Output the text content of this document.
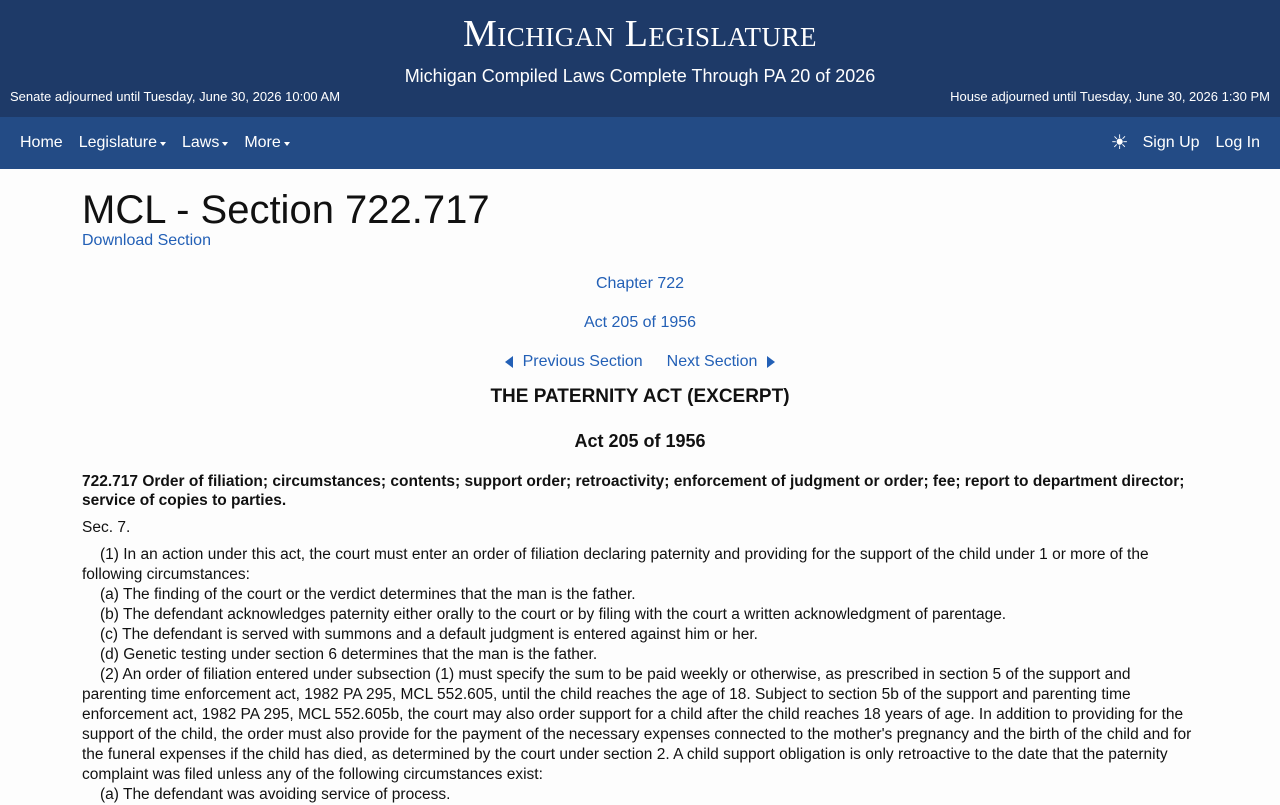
Michigan Legislature
Michigan Compiled Laws Complete Through PA 20 of 2026
Senate adjourned until Tuesday, June 30, 2026 10:00 AM	House adjourned until Tuesday, June 30, 2026 1:30 PM
Home Legislature Laws More	☀ Sign Up Log In
MCL - Section 722.717
Download Section
Chapter 722
Act 205 of 1956
Previous Section Next Section
THE PATERNITY ACT (EXCERPT)
Act 205 of 1956
722.717 Order of filiation; circumstances; contents; support order; retroactivity; enforcement of judgment or order; fee; report to department director; service of copies to parties.
Sec. 7.

(1) In an action under this act, the court must enter an order of filiation declaring paternity and providing for the support of the child under 1 or more of the following circumstances:

(a) The finding of the court or the verdict determines that the man is the father.

(b) The defendant acknowledges paternity either orally to the court or by filing with the court a written acknowledgment of parentage.

(c) The defendant is served with summons and a default judgment is entered against him or her.

(d) Genetic testing under section 6 determines that the man is the father.

(2) An order of filiation entered under subsection (1) must specify the sum to be paid weekly or otherwise, as prescribed in section 5 of the support and parenting time enforcement act, 1982 PA 295, MCL 552.605, until the child reaches the age of 18. Subject to section 5b of the support and parenting time enforcement act, 1982 PA 295, MCL 552.605b, the court may also order support for a child after the child reaches 18 years of age. In addition to providing for the support of the child, the order must also provide for the payment of the necessary expenses connected to the mother's pregnancy and the birth of the child and for the funeral expenses if the child has died, as determined by the court under section 2. A child support obligation is only retroactive to the date that the paternity complaint was filed unless any of the following circumstances exist:

(a) The defendant was avoiding service of process.
